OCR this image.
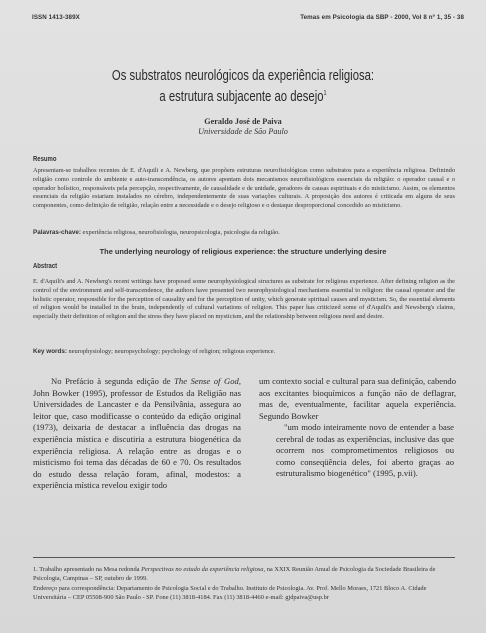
ISSN 1413-389X	Temas em Psicologia da SBP - 2000, Vol 8 nº 1, 35 - 38
Os substratos neurológicos da experiência religiosa:
a estrutura subjacente ao desejo$^1$
Geraldo José de Paiva
Universidade de São Paulo
Resumo
Apresentam-se trabalhos recentes de E. d'Aquili e A. Newberg, que propõem estruturas neurofisiológicas como substratos para a experiência religiosa. Definindo religião como controle do ambiente e auto-transcendência, os autores apontam dois mecanismos neurofisiológicos essenciais da religião: o operador causal e o operador holístico, responsáveis pela percepção, respectivamente, de causalidade e de unidade, geradores de causas espirituais e do misticismo. Assim, os elementos essenciais da religião estariam instalados no cérebro, independentemente de suas variações culturais. A proposição dos autores é criticada em alguns de seus componentes, como definição de religião, relação entre a necessidade e o desejo religioso e o destaque desproporcional concedido ao misticismo.
Palavras-chave: experiência religiosa, neurofisiologia, neuropsicologia, psicologia da religião.
The underlying neurology of religious experience: the structure underlying desire
Abstract
E. d'Aquili's and A. Newberg's recent writings have proposed some neurophysiological structures as substrate for religious experience. After defining religion as the control of the environment and self-transcendence, the authors have presented two neurophysiological mechanisms essential to religion: the causal operator and the holistic operator, responsible for the perception of causality and for the perception of unity, which generate spiritual causes and mysticism. So, the essential elements of religion would be installed in the brain, independently of cultural variations of religion. This paper has criticized some of d'Aquili's and Newsberg's claims, especially their definition of religion and the stress they have placed on mysticism, and the relationship between religious need and desire.
Key words: neurophysiology; neuropsychology; psychology of religion; religious experience.
No Prefácio à segunda edição de The Sense of God, John Bowker (1995), professor de Estudos da Religião nas Universidades de Lancaster e da Pensilvânia, assegura ao leitor que, caso modificasse o conteúdo da edição original (1973), deixaria de destacar a influência das drogas na experiência mística e discutiria a estrutura biogenética da experiência religiosa. A relação entre as drogas e o misticismo foi tema das décadas de 60 e 70. Os resultados do estudo dessa relação foram, afinal, modestos: a experiência mística revelou exigir todo
um contexto social e cultural para sua definição, cabendo aos excitantes bioquímicos a função não de deflagrar, mas de, eventualmente, facilitar aquela experiência. Segundo Bowker
"um modo inteiramente novo de entender a base cerebral de todas as experiências, inclusive das que ocorrem nos comprometimentos religiosos ou como conseqüência deles, foi aberto graças ao estruturalismo biogenético" (1995, p.vii).
1. Trabalho apresentado na Mesa redonda Perspectivas no estudo da experiência religiosa, na XXIX Reunião Anual de Psicologia da Sociedade Brasileira de Psicologia, Campinas – SP, outubro de 1999.
Endereço para correspondência: Departamento de Psicologia Social e do Trabalho. Instituto de Psicologia. Av. Prof. Mello Moraes, 1721 Bloco A. Cidade Universitária – CEP 05508-900 São Paulo - SP. Fone (11) 3818-4184. Fax (11) 3818-4460 e-mail: gjdpaiva@usp.br
